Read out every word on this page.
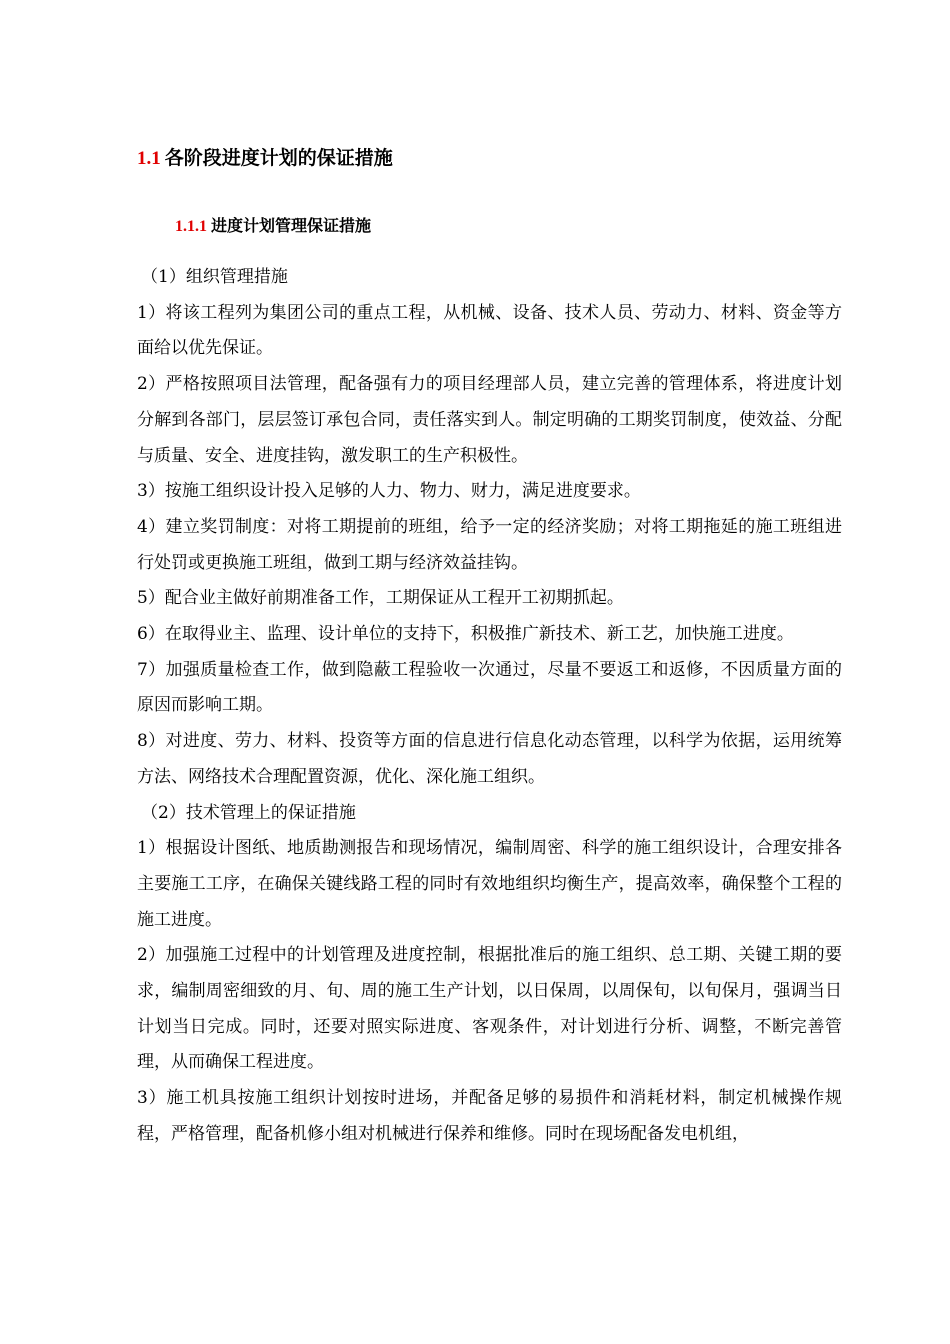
1.1 各阶段进度计划的保证措施
1.1.1 进度计划管理保证措施

（1）组织管理措施

1）将该工程列为集团公司的重点工程，从机械、设备、技术人员、劳动力、材料、资金等方面给以优先保证。

2）严格按照项目法管理，配备强有力的项目经理部人员，建立完善的管理体系，将进度计划分解到各部门，层层签订承包合同，责任落实到人。制定明确的工期奖罚制度，使效益、分配与质量、安全、进度挂钩，激发职工的生产积极性。

3）按施工组织设计投入足够的人力、物力、财力，满足进度要求。

4）建立奖罚制度：对将工期提前的班组，给予一定的经济奖励；对将工期拖延的施工班组进行处罚或更换施工班组，做到工期与经济效益挂钩。

5）配合业主做好前期准备工作，工期保证从工程开工初期抓起。

6）在取得业主、监理、设计单位的支持下，积极推广新技术、新工艺，加快施工进度。

7）加强质量检查工作，做到隐蔽工程验收一次通过，尽量不要返工和返修，不因质量方面的原因而影响工期。

8）对进度、劳力、材料、投资等方面的信息进行信息化动态管理，以科学为依据，运用统筹方法、网络技术合理配置资源，优化、深化施工组织。

（2）技术管理上的保证措施

1）根据设计图纸、地质勘测报告和现场情况，编制周密、科学的施工组织设计，合理安排各主要施工工序，在确保关键线路工程的同时有效地组织均衡生产，提高效率，确保整个工程的施工进度。

2）加强施工过程中的计划管理及进度控制，根据批准后的施工组织、总工期、关键工期的要求，编制周密细致的月、旬、周的施工生产计划，以日保周，以周保旬，以旬保月，强调当日计划当日完成。同时，还要对照实际进度、客观条件，对计划进行分析、调整，不断完善管理，从而确保工程进度。

3）施工机具按施工组织计划按时进场，并配备足够的易损件和消耗材料，制定机械操作规程，严格管理，配备机修小组对机械进行保养和维修。同时在现场配备发电机组，
